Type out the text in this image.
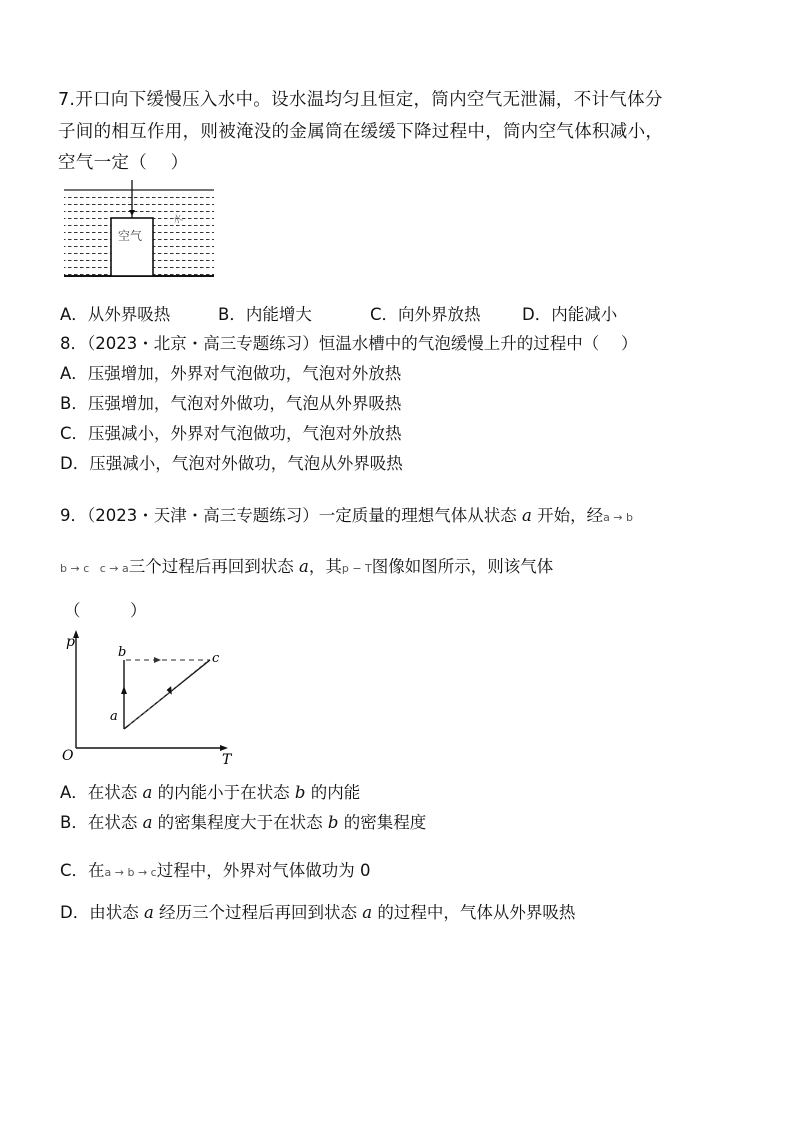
7.开口向下缓慢压入水中。设水温均匀且恒定，筒内空气无泄漏，不计气体分
子间的相互作用，则被淹没的金属筒在缓缓下降过程中，筒内空气体积减小，
空气一定（　 ）
空气
水
A．从外界吸热	B．内能增大	C．向外界放热	D．内能减小
8．（2023・北京・高三专题练习）恒温水槽中的气泡缓慢上升的过程中（　 ）
A．压强增加，外界对气泡做功，气泡对外放热
B．压强增加，气泡对外做功，气泡从外界吸热
C．压强减小，外界对气泡做功，气泡对外放热
D．压强减小，气泡对外做功，气泡从外界吸热
9．（2023・天津・高三专题练习）一定质量的理想气体从状态 a 开始，经a → b
b → c c → a三个过程后再回到状态 a，其p − T图像如图所示，则该气体
（　　　）
p
T
O
a
b	c
A．在状态 a 的内能小于在状态 b 的内能
B．在状态 a 的密集程度大于在状态 b 的密集程度
C．在a → b → c过程中，外界对气体做功为 0
D．由状态 a 经历三个过程后再回到状态 a 的过程中，气体从外界吸热
